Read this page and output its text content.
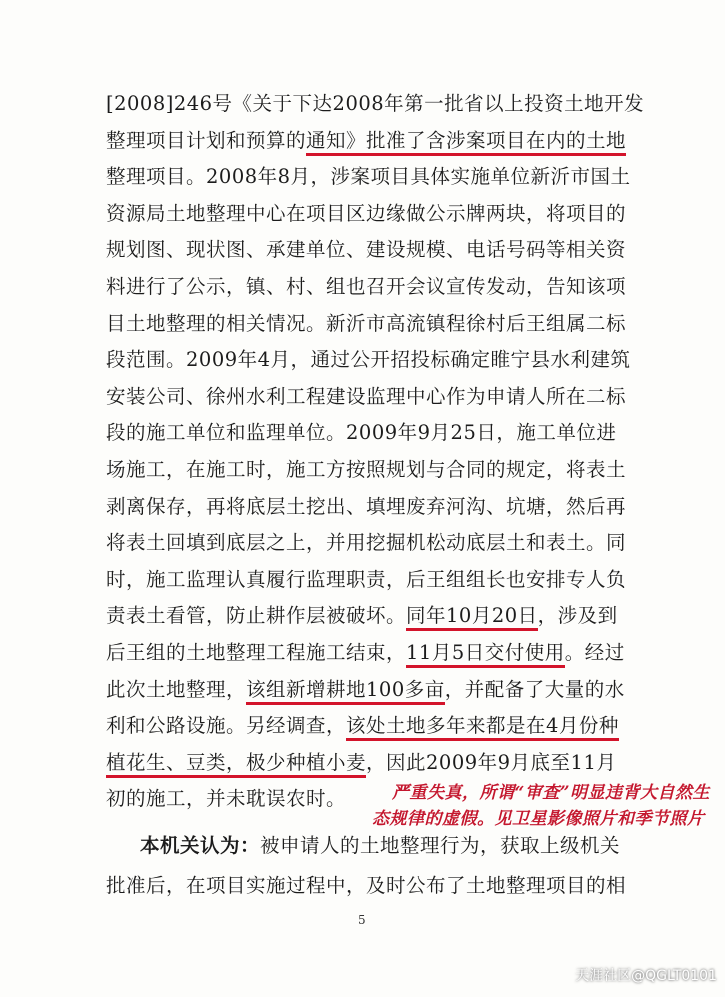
[2008]246号《关于下达2008年第一批省以上投资土地开发
整理项目计划和预算的通知》批准了含涉案项目在内的土地
整理项目。2008年8月，涉案项目具体实施单位新沂市国土
资源局土地整理中心在项目区边缘做公示牌两块，将项目的
规划图、现状图、承建单位、建设规模、电话号码等相关资
料进行了公示，镇、村、组也召开会议宣传发动，告知该项
目土地整理的相关情况。新沂市高流镇程徐村后王组属二标
段范围。2009年4月，通过公开招投标确定睢宁县水利建筑
安装公司、徐州水利工程建设监理中心作为申请人所在二标
段的施工单位和监理单位。2009年9月25日，施工单位进
场施工，在施工时，施工方按照规划与合同的规定，将表土
剥离保存，再将底层土挖出、填埋废弃河沟、坑塘，然后再
将表土回填到底层之上，并用挖掘机松动底层土和表土。同
时，施工监理认真履行监理职责，后王组组长也安排专人负
责表土看管，防止耕作层被破坏。同年10月20日，涉及到
后王组的土地整理工程施工结束，11月5日交付使用。经过
此次土地整理，该组新增耕地100多亩，并配备了大量的水
利和公路设施。另经调查，该处土地多年来都是在4月份种
植花生、豆类，极少种植小麦，因此2009年9月底至11月
初的施工，并未耽误农时。
本机关认为：被申请人的土地整理行为，获取上级机关
批准后，在项目实施过程中，及时公布了土地整理项目的相
严重失真，所谓“审查”明显违背大自然生
态规律的虚假。见卫星影像照片和季节照片
5
天涯社区@QGLT0101
